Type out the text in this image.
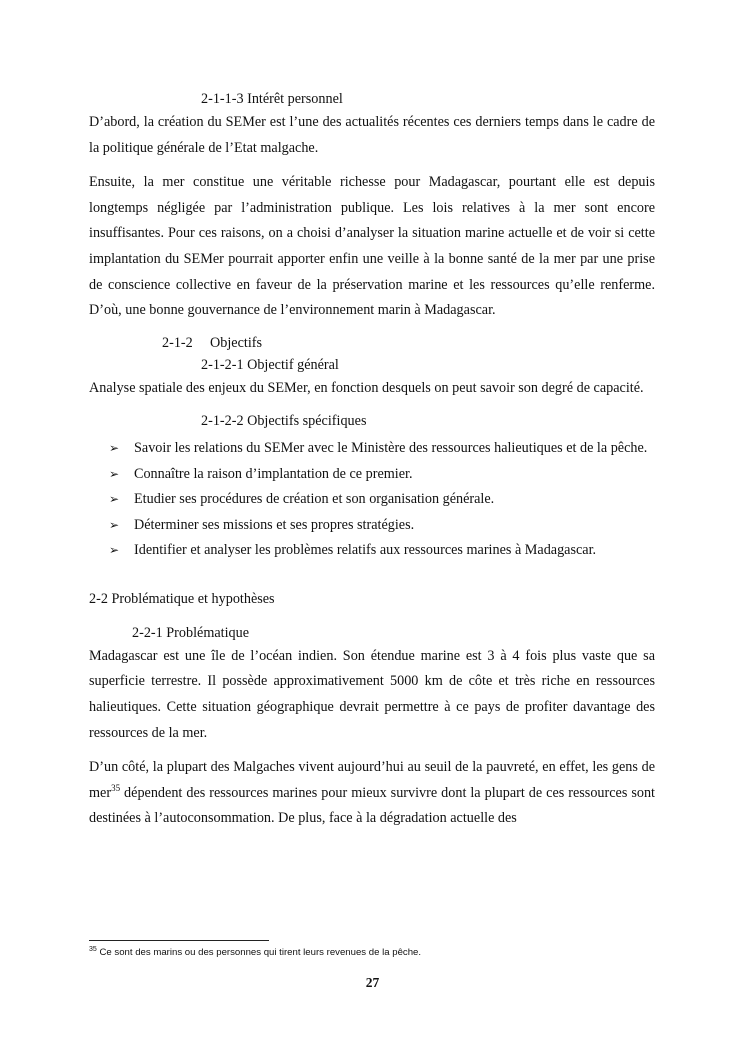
2-1-1-3 Intérêt personnel

D’abord, la création du SEMer est l’une des actualités récentes ces derniers temps dans le cadre de la politique générale de l’Etat malgache.

Ensuite, la mer constitue une véritable richesse pour Madagascar, pourtant elle est depuis longtemps négligée par l’administration publique. Les lois relatives à la mer sont encore insuffisantes. Pour ces raisons, on a choisi d’analyser la situation marine actuelle et de voir si cette implantation du SEMer pourrait apporter enfin une veille à la bonne santé de la mer par une prise de conscience collective en faveur de la préservation marine et les ressources qu’elle renferme. D’où, une bonne gouvernance de l’environnement marin à Madagascar.

2-1-2 Objectifs
2-1-2-1 Objectif général

Analyse spatiale des enjeux du SEMer, en fonction desquels on peut savoir son degré de capacité.

2-1-2-2 Objectifs spécifiques
➢ Savoir les relations du SEMer avec le Ministère des ressources halieutiques et de la pêche.
➢ Connaître la raison d’implantation de ce premier.
➢ Etudier ses procédures de création et son organisation générale.
➢ Déterminer ses missions et ses propres stratégies.
➢ Identifier et analyser les problèmes relatifs aux ressources marines à Madagascar.
2-2 Problématique et hypothèses
2-2-1 Problématique

Madagascar est une île de l’océan indien. Son étendue marine est 3 à 4 fois plus vaste que sa superficie terrestre. Il possède approximativement 5000 km de côte et très riche en ressources halieutiques. Cette situation géographique devrait permettre à ce pays de profiter davantage des ressources de la mer.

D’un côté, la plupart des Malgaches vivent aujourd’hui au seuil de la pauvreté, en effet, les gens de mer$^{35}$ dépendent des ressources marines pour mieux survivre dont la plupart de ces ressources sont destinées à l’autoconsommation. De plus, face à la dégradation actuelle des

$^{35}$ Ce sont des marins ou des personnes qui tirent leurs revenues de la pêche.
27
